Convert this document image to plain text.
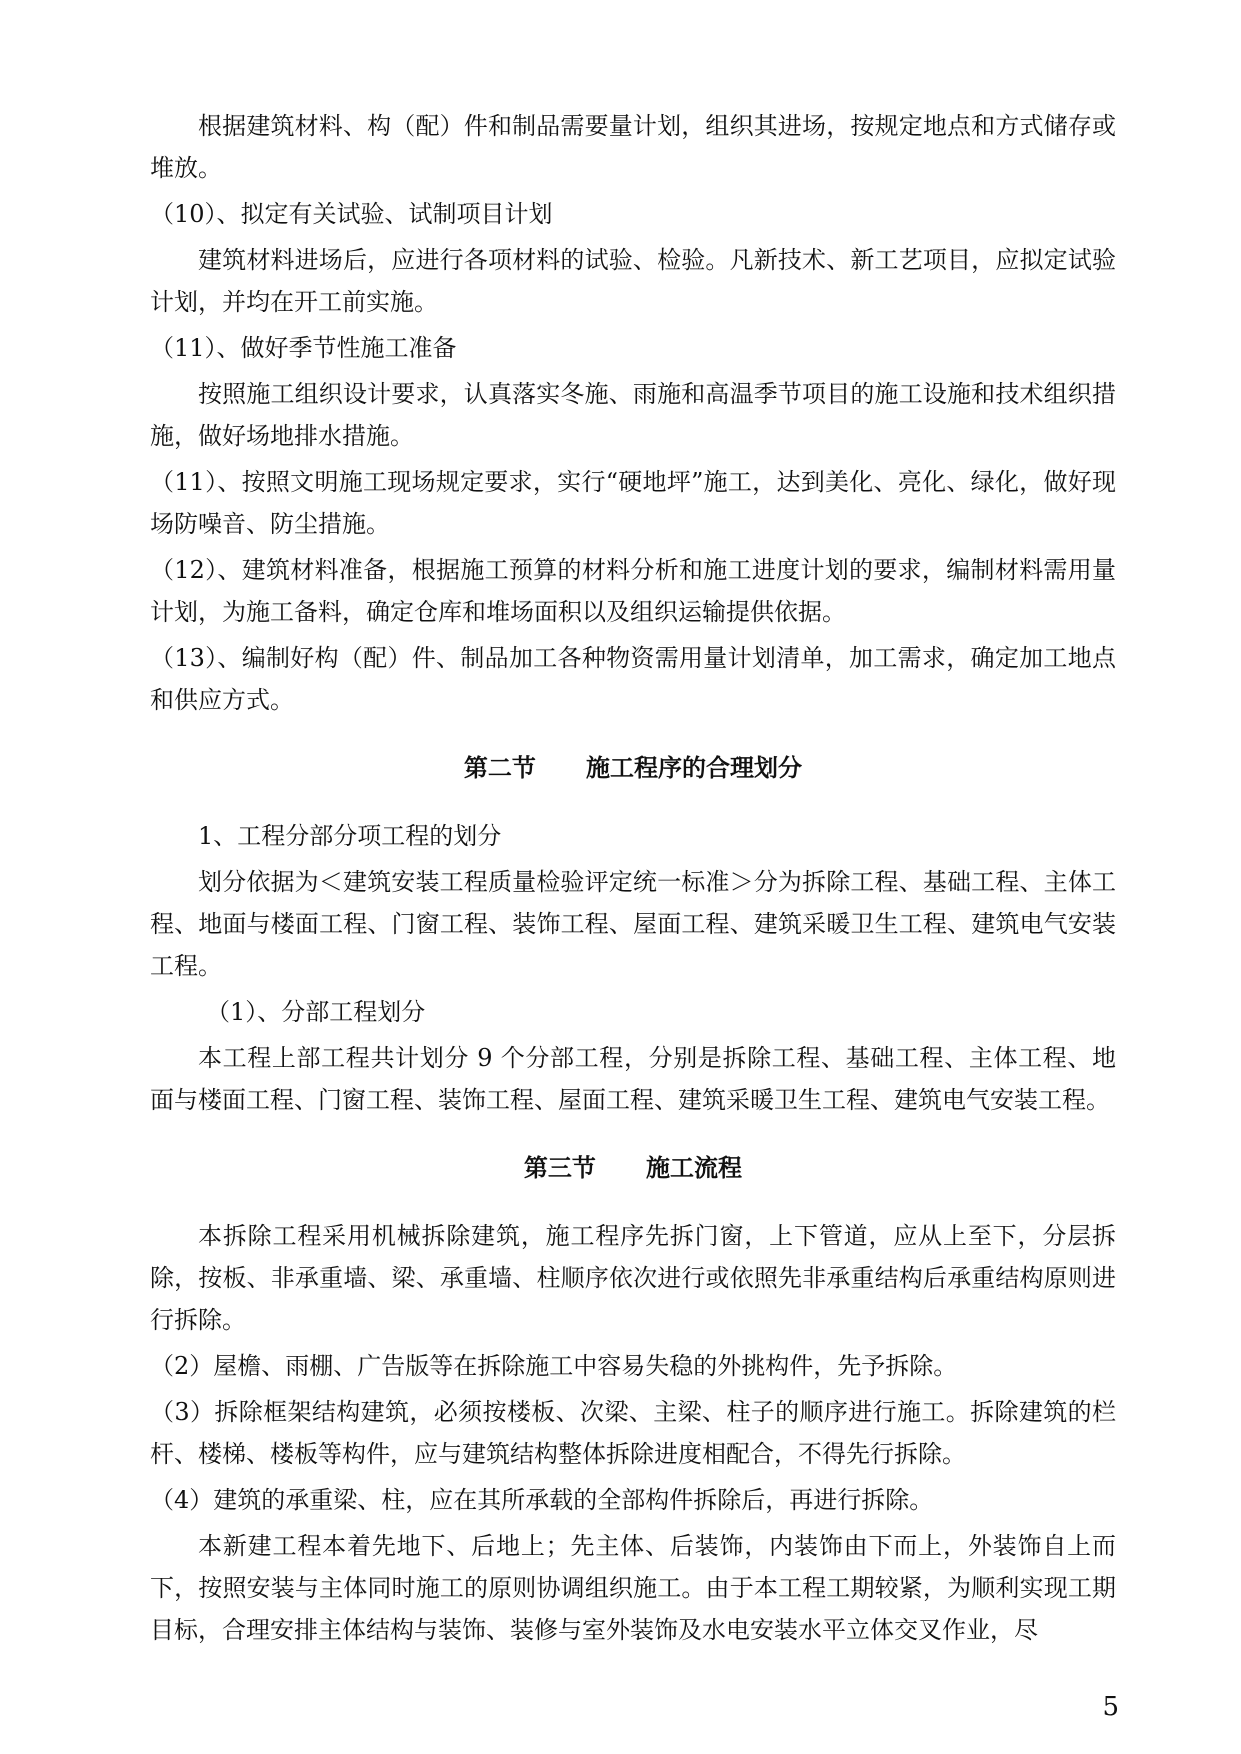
根据建筑材料、构（配）件和制品需要量计划，组织其进场，按规定地点和方式储存或堆放。

（10）、拟定有关试验、试制项目计划

建筑材料进场后，应进行各项材料的试验、检验。凡新技术、新工艺项目，应拟定试验计划，并均在开工前实施。

（11）、做好季节性施工准备

按照施工组织设计要求，认真落实冬施、雨施和高温季节项目的施工设施和技术组织措施，做好场地排水措施。

（11）、按照文明施工现场规定要求，实行“硬地坪”施工，达到美化、亮化、绿化，做好现场防噪音、防尘措施。

（12）、建筑材料准备，根据施工预算的材料分析和施工进度计划的要求，编制材料需用量计划，为施工备料，确定仓库和堆场面积以及组织运输提供依据。

（13）、编制好构（配）件、制品加工各种物资需用量计划清单，加工需求，确定加工地点和供应方式。

第二节      施工程序的合理划分

1、工程分部分项工程的划分

划分依据为＜建筑安装工程质量检验评定统一标准＞分为拆除工程、基础工程、主体工程、地面与楼面工程、门窗工程、装饰工程、屋面工程、建筑采暖卫生工程、建筑电气安装工程。

（1）、分部工程划分

本工程上部工程共计划分 9 个分部工程，分别是拆除工程、基础工程、主体工程、地面与楼面工程、门窗工程、装饰工程、屋面工程、建筑采暖卫生工程、建筑电气安装工程。

第三节      施工流程

本拆除工程采用机械拆除建筑，施工程序先拆门窗，上下管道，应从上至下，分层拆除，按板、非承重墙、梁、承重墙、柱顺序依次进行或依照先非承重结构后承重结构原则进行拆除。

（2）屋檐、雨棚、广告版等在拆除施工中容易失稳的外挑构件，先予拆除。

（3）拆除框架结构建筑，必须按楼板、次梁、主梁、柱子的顺序进行施工。拆除建筑的栏杆、楼梯、楼板等构件，应与建筑结构整体拆除进度相配合，不得先行拆除。

（4）建筑的承重梁、柱，应在其所承载的全部构件拆除后，再进行拆除。

本新建工程本着先地下、后地上；先主体、后装饰，内装饰由下而上，外装饰自上而下，按照安装与主体同时施工的原则协调组织施工。由于本工程工期较紧，为顺利实现工期目标，合理安排主体结构与装饰、装修与室外装饰及水电安装水平立体交叉作业，尽

5
